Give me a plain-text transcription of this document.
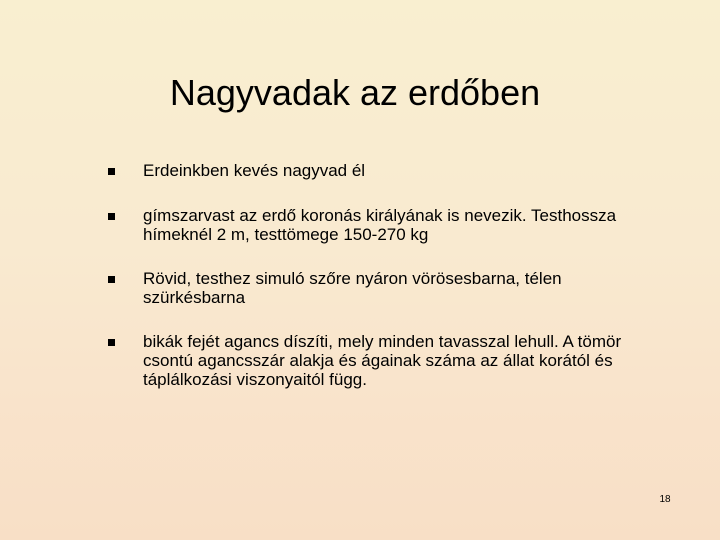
Nagyvadak az erdőben
Erdeinkben kevés nagyvad él
gímszarvast az erdő koronás királyának is nevezik. Testhossza hímeknél 2 m, testtömege 150-270 kg
Rövid, testhez simuló szőre nyáron vörösesbarna, télen szürkésbarna
bikák fejét agancs díszíti, mely minden tavasszal lehull. A tömör csontú agancsszár alakja és ágainak száma az állat korától és táplálkozási viszonyaitól függ.
18
